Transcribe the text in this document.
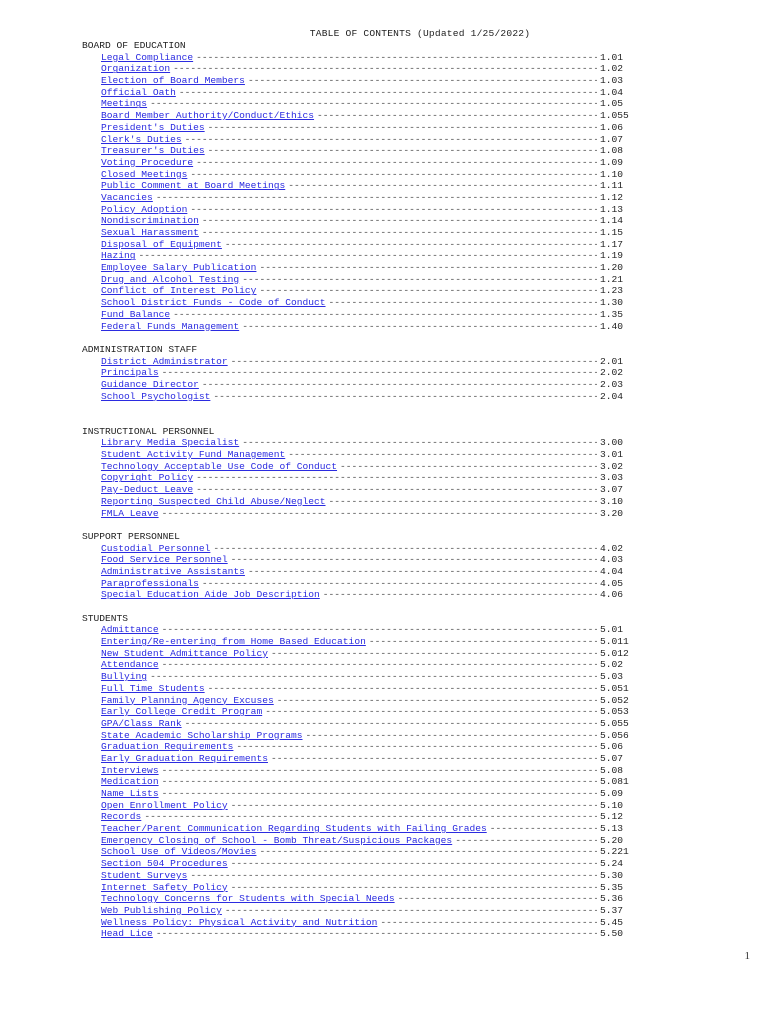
TABLE OF CONTENTS (Updated 1/25/2022)
BOARD OF EDUCATION
Legal Compliance -----	1.01
Organization -----	1.02
Election of Board Members -----	1.03
Official Oath -----	1.04
Meetings -----	1.05
Board Member Authority/Conduct/Ethics -----	1.055
President's Duties -----	1.06
Clerk's Duties -----	1.07
Treasurer's Duties -----	1.08
Voting Procedure -----	1.09
Closed Meetings -----	1.10
Public Comment at Board Meetings -----	1.11
Vacancies -----	1.12
Policy Adoption -----	1.13
Nondiscrimination -----	1.14
Sexual Harassment -----	1.15
Disposal of Equipment -----	1.17
Hazing -----	1.19
Employee Salary Publication -----	1.20
Drug and Alcohol Testing -----	1.21
Conflict of Interest Policy -----	1.23
School District Funds - Code of Conduct -----	1.30
Fund Balance -----	1.35
Federal Funds Management -----	1.40
ADMINISTRATION STAFF
District Administrator -----	2.01
Principals -----	2.02
Guidance Director -----	2.03
School Psychologist -----	2.04
INSTRUCTIONAL PERSONNEL
Library Media Specialist -----	3.00
Student Activity Fund Management -----	3.01
Technology Acceptable Use Code of Conduct -----	3.02
Copyright Policy -----	3.03
Pay-Deduct Leave -----	3.07
Reporting Suspected Child Abuse/Neglect -----	3.10
FMLA Leave -----	3.20
SUPPORT PERSONNEL
Custodial Personnel -----	4.02
Food Service Personnel -----	4.03
Administrative Assistants -----	4.04
Paraprofessionals -----	4.05
Special Education Aide Job Description -----	4.06
STUDENTS
Admittance -----	5.01
Entering/Re-entering from Home Based Education -----	5.011
New Student Admittance Policy -----	5.012
Attendance -----	5.02
Bullying -----	5.03
Full Time Students -----	5.051
Family Planning Agency Excuses -----	5.052
Early College Credit Program -----	5.053
GPA/Class Rank -----	5.055
State Academic Scholarship Programs -----	5.056
Graduation Requirements -----	5.06
Early Graduation Requirements -----	5.07
Interviews -----	5.08
Medication -----	5.081
Name Lists -----	5.09
Open Enrollment Policy -----	5.10
Records -----	5.12
Teacher/Parent Communication Regarding Students with Failing Grades -----	5.13
Emergency Closing of School - Bomb Threat/Suspicious Packages -----	5.20
School Use of Videos/Movies -----	5.221
Section 504 Procedures -----	5.24
Student Surveys -----	5.30
Internet Safety Policy -----	5.35
Technology Concerns for Students with Special Needs -----	5.36
Web Publishing Policy -----	5.37
Wellness Policy: Physical Activity and Nutrition -----	5.45
Head Lice -----	5.50
1
